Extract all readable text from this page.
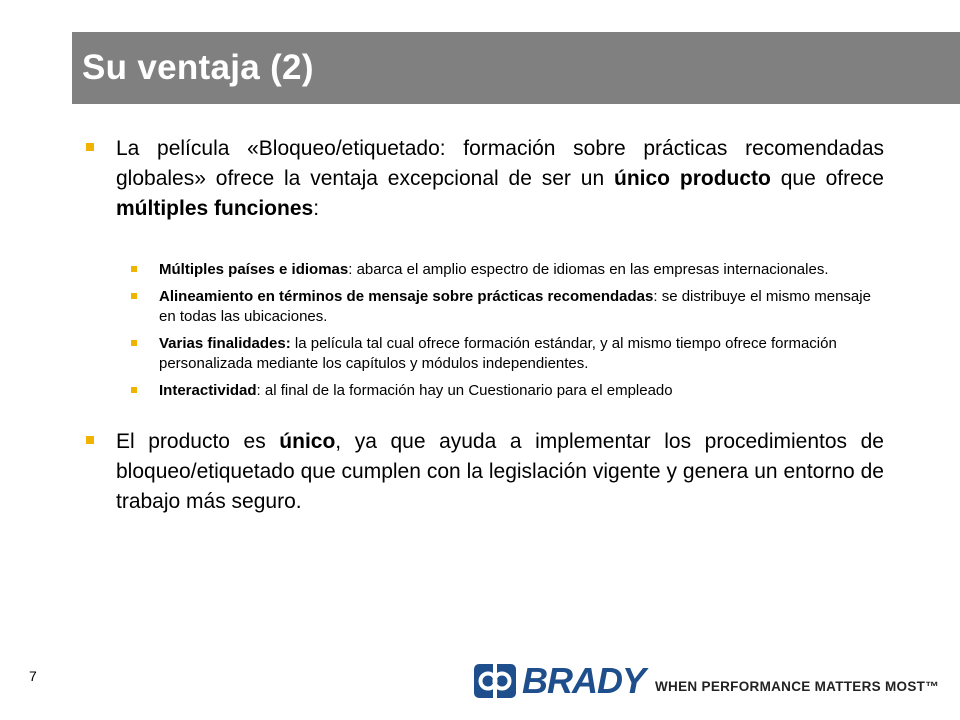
Su ventaja (2)
La película «Bloqueo/etiquetado: formación sobre prácticas recomendadas globales» ofrece la ventaja excepcional de ser un único producto que ofrece múltiples funciones:
Múltiples países e idiomas: abarca el amplio espectro de idiomas en las empresas internacionales.
Alineamiento en términos de mensaje sobre prácticas recomendadas: se distribuye el mismo mensaje en todas las ubicaciones.
Varias finalidades: la película tal cual ofrece formación estándar, y al mismo tiempo ofrece formación personalizada mediante los capítulos y módulos independientes.
Interactividad: al final de la formación hay un Cuestionario para el empleado
El producto es único, ya que ayuda a implementar los procedimientos de bloqueo/etiquetado que cumplen con la legislación vigente y genera un entorno de trabajo más seguro.
7	BRADY WHEN PERFORMANCE MATTERS MOST™
